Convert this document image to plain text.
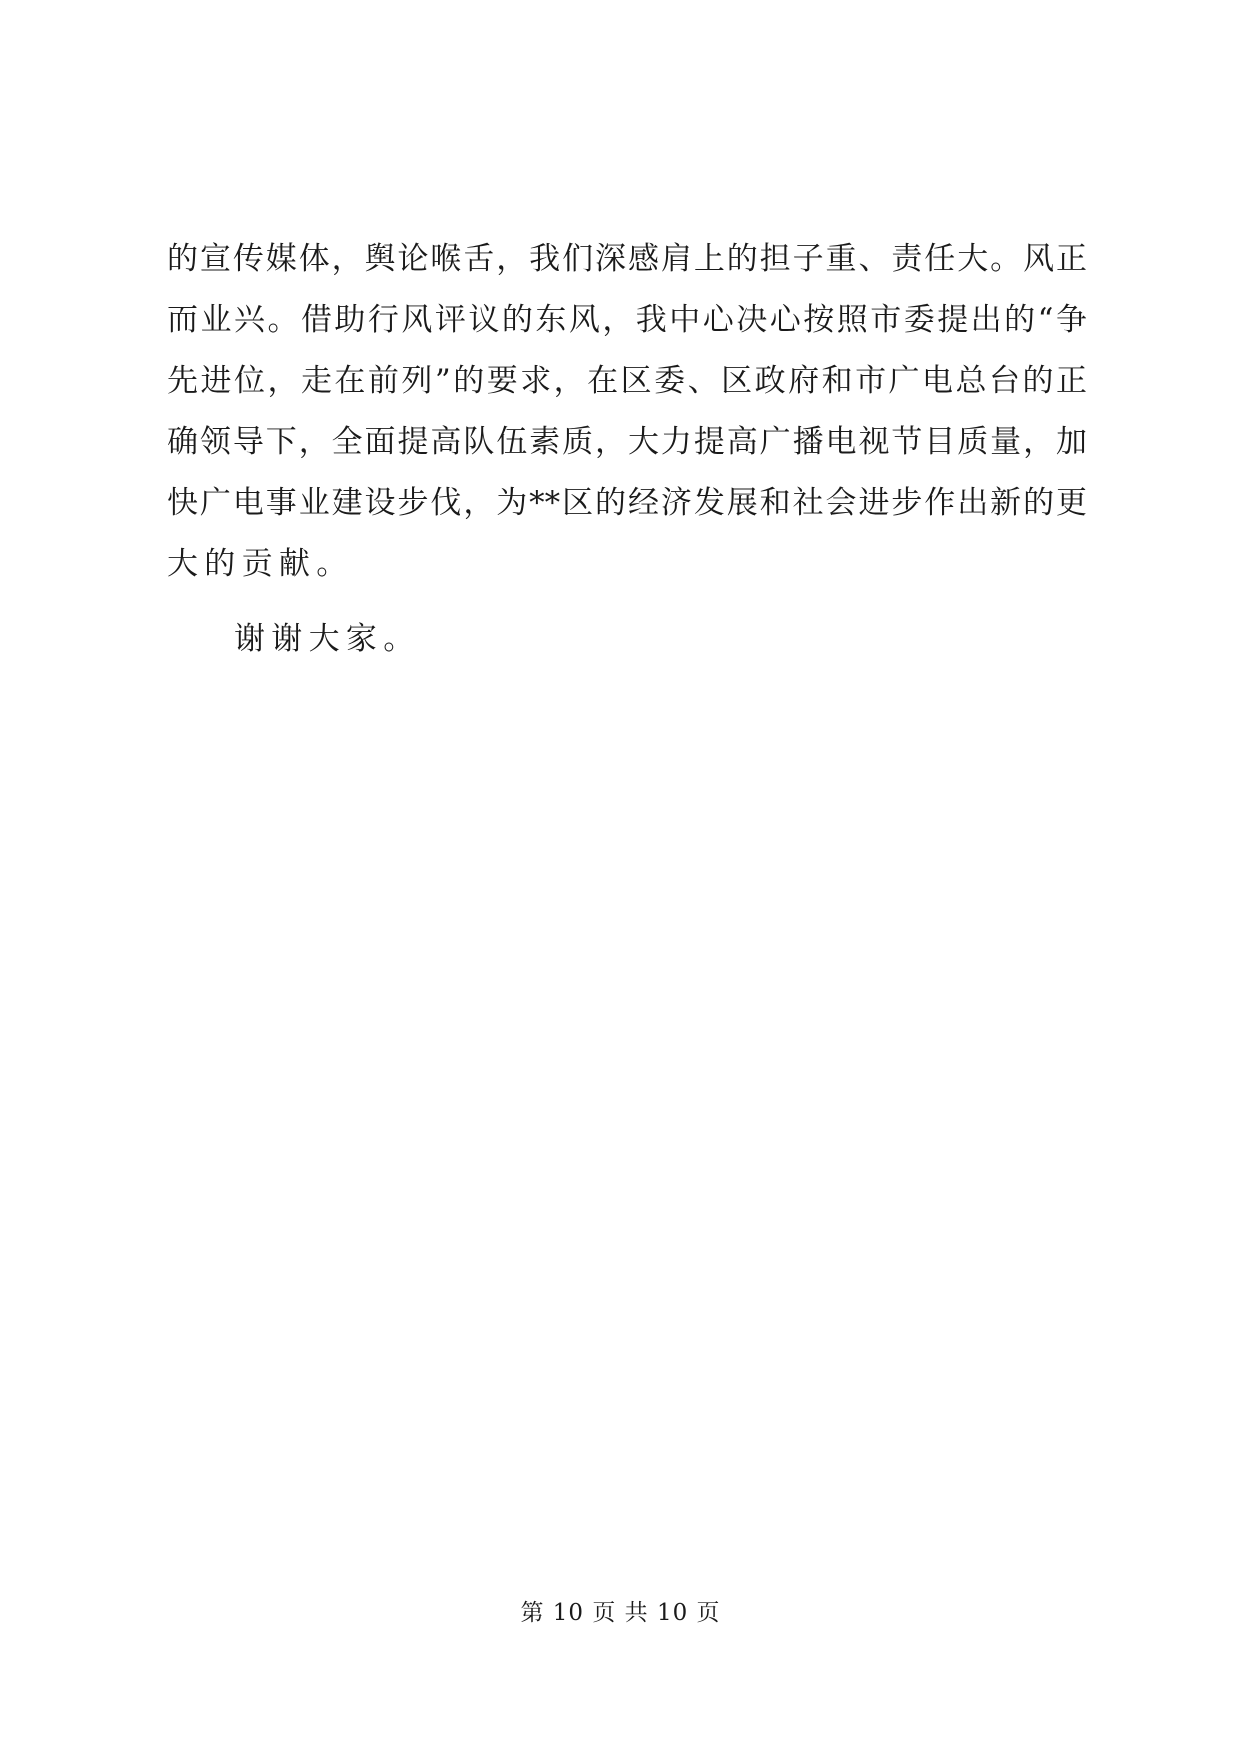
的宣传媒体，舆论喉舌，我们深感肩上的担子重、责任大。风正
而业兴。借助行风评议的东风，我中心决心按照市委提出的“争
先进位，走在前列”的要求，在区委、区政府和市广电总台的正
确领导下，全面提高队伍素质，大力提高广播电视节目质量，加
快广电事业建设步伐，为**区的经济发展和社会进步作出新的更
大的贡献。
谢谢大家。
第 10 页 共 10 页
